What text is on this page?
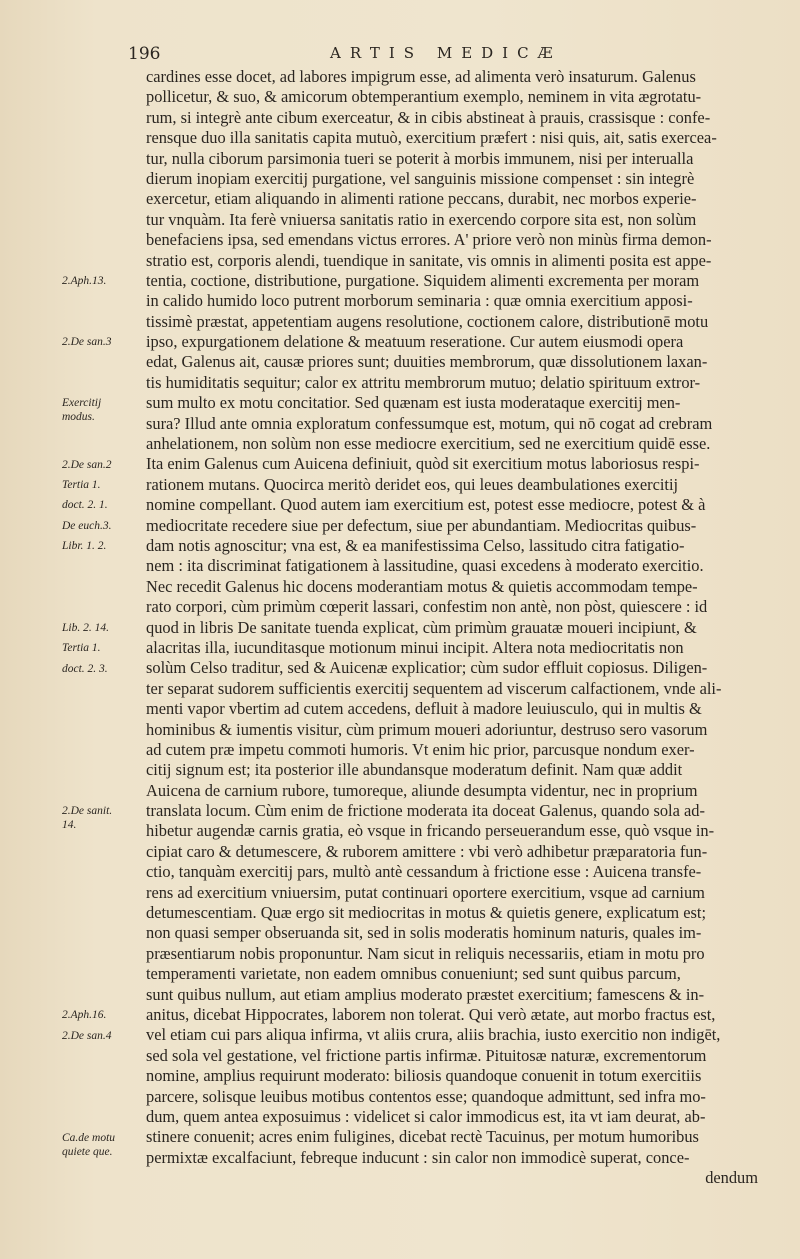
196	ARTIS MEDICÆ
cardines esse docet, ad labores impigrum esse, ad alimenta verò insaturum. Galenus
pollicetur, & suo, & amicorum obtemperantium exemplo, neminem in vita ægrotatu-
rum, si integrè ante cibum exerceatur, & in cibis abstineat à prauis, crassisque : confe-
rensque duo illa sanitatis capita mutuò, exercitium præfert : nisi quis, ait, satis exercea-
tur, nulla ciborum parsimonia tueri se poterit à morbis immunem, nisi per interualla
dierum inopiam exercitij purgatione, vel sanguinis missione compenset : sin integrè
exercetur, etiam aliquando in alimenti ratione peccans, durabit, nec morbos experie-
tur vnquàm. Ita ferè vniuersa sanitatis ratio in exercendo corpore sita est, non solùm
benefaciens ipsa, sed emendans victus errores. A' priore verò non minùs firma demon-
stratio est, corporis alendi, tuendique in sanitate, vis omnis in alimenti posita est appe-
tentia, coctione, distributione, purgatione. Siquidem alimenti excrementa per moram
in calido humido loco putrent morborum seminaria : quæ omnia exercitium apposi-
tissimè præstat, appetentiam augens resolutione, coctionem calore, distributionē motu
ipso, expurgationem delatione & meatuum reseratione. Cur autem eiusmodi opera
edat, Galenus ait, causæ priores sunt; duuities membrorum, quæ dissolutionem laxan-
tis humiditatis sequitur; calor ex attritu membrorum mutuo; delatio spirituum extror-
sum multo ex motu concitatior. Sed quænam est iusta moderataque exercitij men-
sura? Illud ante omnia exploratum confessumque est, motum, qui nō cogat ad crebram
anhelationem, non solùm non esse mediocre exercitium, sed ne exercitium quidē esse.
Ita enim Galenus cum Auicena definiuit, quòd sit exercitium motus laboriosus respi-
rationem mutans. Quocirca meritò deridet eos, qui leues deambulationes exercitij
nomine compellant. Quod autem iam exercitium est, potest esse mediocre, potest & à
mediocritate recedere siue per defectum, siue per abundantiam. Mediocritas quibus-
dam notis agnoscitur; vna est, & ea manifestissima Celso, lassitudo citra fatigatio-
nem : ita discriminat fatigationem à lassitudine, quasi excedens à moderato exercitio.
Nec recedit Galenus hic docens moderantiam motus & quietis accommodam tempe-
rato corpori, cùm primùm cœperit lassari, confestim non antè, non pòst, quiescere : id
quod in libris De sanitate tuenda explicat, cùm primùm grauatæ moueri incipiunt, &
alacritas illa, iucunditasque motionum minui incipit. Altera nota mediocritatis non
solùm Celso traditur, sed & Auicenæ explicatior; cùm sudor effluit copiosus. Diligen-
ter separat sudorem sufficientis exercitij sequentem ad viscerum calfactionem, vnde ali-
menti vapor vbertim ad cutem accedens, defluit à madore leuiusculo, qui in multis &
hominibus & iumentis visitur, cùm primum moueri adoriuntur, destruso sero vasorum
ad cutem præ impetu commoti humoris. Vt enim hic prior, parcusque nondum exer-
citij signum est; ita posterior ille abundansque moderatum definit. Nam quæ addit
Auicena de carnium rubore, tumoreque, aliunde desumpta videntur, nec in proprium
translata locum. Cùm enim de frictione moderata ita doceat Galenus, quando sola ad-
hibetur augendæ carnis gratia, eò vsque in fricando perseuerandum esse, quò vsque in-
cipiat caro & detumescere, & ruborem amittere : vbi verò adhibetur præparatoria fun-
ctio, tanquàm exercitij pars, multò antè cessandum à frictione esse : Auicena transfe-
rens ad exercitium vniuersim, putat continuari oportere exercitium, vsque ad carnium
detumescentiam. Quæ ergo sit mediocritas in motus & quietis genere, explicatum est;
non quasi semper obseruanda sit, sed in solis moderatis hominum naturis, quales im-
præsentiarum nobis proponuntur. Nam sicut in reliquis necessariis, etiam in motu pro
temperamenti varietate, non eadem omnibus conueniunt; sed sunt quibus parcum,
sunt quibus nullum, aut etiam amplius moderato præstet exercitium; famescens & in-
anitus, dicebat Hippocrates, laborem non tolerat. Qui verò ætate, aut morbo fractus est,
vel etiam cui pars aliqua infirma, vt aliis crura, aliis brachia, iusto exercitio non indigēt,
sed sola vel gestatione, vel frictione partis infirmæ. Pituitosæ naturæ, excrementorum
nomine, amplius requirunt moderato: biliosis quandoque conuenit in totum exercitiis
parcere, solisque leuibus motibus contentos esse; quandoque admittunt, sed infra mo-
dum, quem antea exposuimus : videlicet si calor immodicus est, ita vt iam deurat, ab-
stinere conuenit; acres enim fuligines, dicebat rectè Tacuinus, per motum humoribus
permixtæ excalfaciunt, febreque inducunt : sin calor non immodicè superat, conce-
dendum
2.Aph.13.
2.De san.3
Exercitij
modus.
2.De san.2
Tertia 1.
doct. 2. 1.
De euch.3.
Libr. 1. 2.
Lib. 2. 14.
Tertia 1.
doct. 2. 3.
2.De sanit.
14.
2.Aph.16.
2.De san.4
Ca.de motu
quiete que.
